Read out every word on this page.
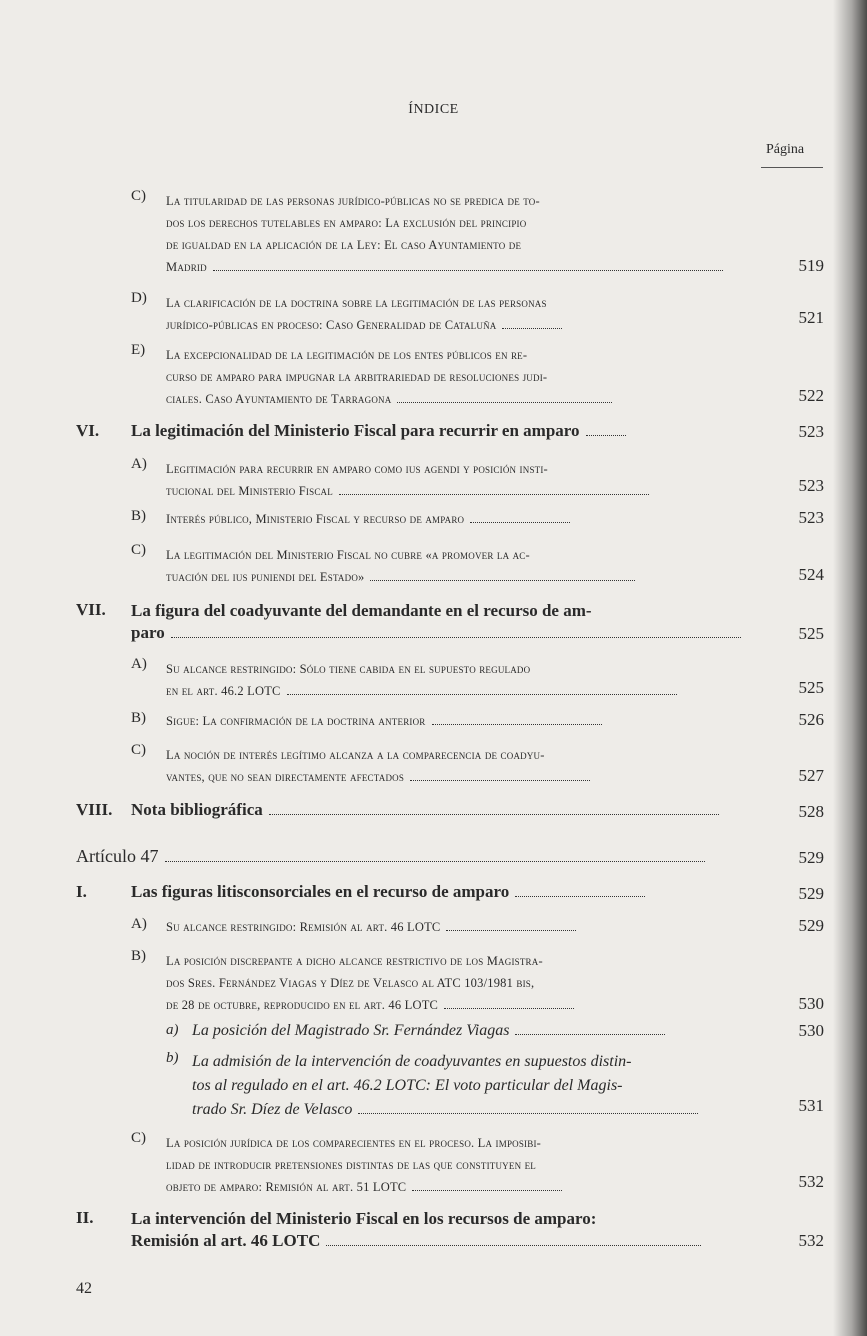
ÍNDICE
Página
C) La titularidad de las personas jurídico-públicas no se predica de to-
dos los derechos tutelables en amparo: La exclusión del principio
de igualdad en la aplicación de la Ley: El caso Ayuntamiento de
Madrid	519
D) La clarificación de la doctrina sobre la legitimación de las personas
jurídico-públicas en proceso: Caso Generalidad de Cataluña	521
E) La excepcionalidad de la legitimación de los entes públicos en re-
curso de amparo para impugnar la arbitrariedad de resoluciones judi-
ciales. Caso Ayuntamiento de Tarragona	522
VI. La legitimación del Ministerio Fiscal para recurrir en amparo	523
A) Legitimación para recurrir en amparo como ius agendi y posición insti-
tucional del Ministerio Fiscal	523
B) Interés público, Ministerio Fiscal y recurso de amparo	523
C) La legitimación del Ministerio Fiscal no cubre «a promover la ac-
tuación del ius puniendi del Estado»	524
VII. La figura del coadyuvante del demandante en el recurso de am-
paro	525
A) Su alcance restringido: Sólo tiene cabida en el supuesto regulado
en el art. 46.2 LOTC	525
B) Sigue: La confirmación de la doctrina anterior	526
C) La noción de interés legítimo alcanza a la comparecencia de coadyu-
vantes, que no sean directamente afectados	527
VIII. Nota bibliográfica	528
Artículo 47	529
I.	Las figuras litisconsorciales en el recurso de amparo	529
A) Su alcance restringido: Remisión al art. 46 LOTC	529
B) La posición discrepante a dicho alcance restrictivo de los Magistra-
dos Sres. Fernández Viagas y Díez de Velasco al ATC 103/1981 bis,
de 28 de octubre, reproducido en el art. 46 LOTC	530
a) La posición del Magistrado Sr. Fernández Viagas	530
b) La admisión de la intervención de coadyuvantes en supuestos distin-
tos al regulado en el art. 46.2 LOTC: El voto particular del Magis-
trado Sr. Díez de Velasco	531
C) La posición jurídica de los comparecientes en el proceso. La imposibi-
lidad de introducir pretensiones distintas de las que constituyen el
objeto de amparo: Remisión al art. 51 LOTC	532
II. La intervención del Ministerio Fiscal en los recursos de amparo:
Remisión al art. 46 LOTC	532
42
